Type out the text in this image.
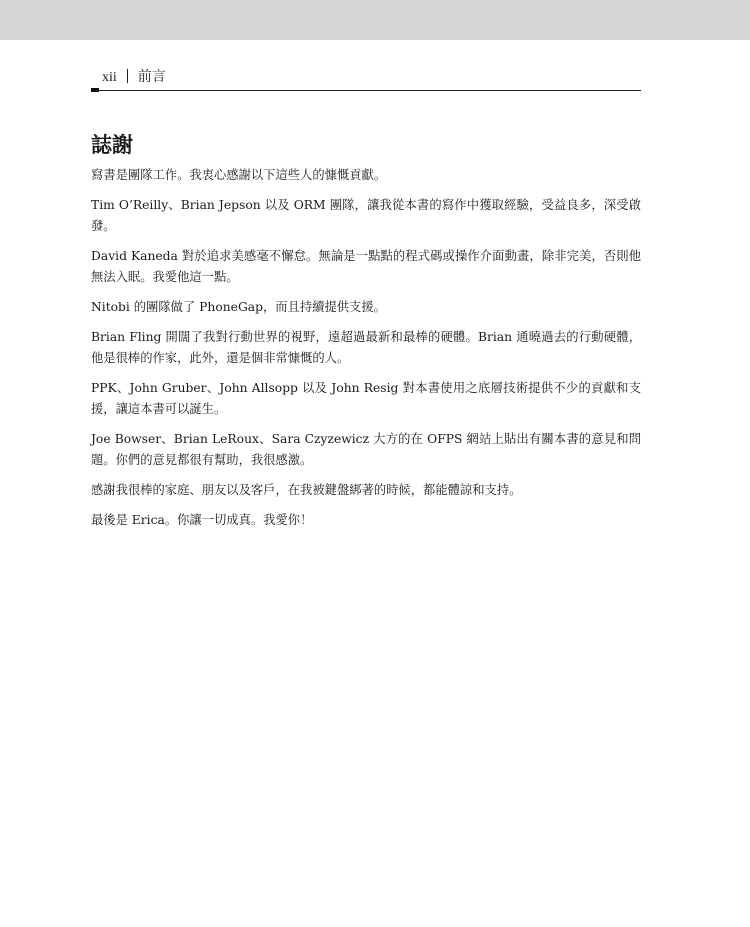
xii 前言
誌謝

寫書是團隊工作。我衷心感謝以下這些人的慷慨貢獻。

Tim O’Reilly、Brian Jepson 以及 ORM 團隊，讓我從本書的寫作中獲取經驗，受益良多，深受啟發。

David Kaneda 對於追求美感毫不懈怠。無論是一點點的程式碼或操作介面動畫，除非完美，否則他無法入眠。我愛他這一點。

Nitobi 的團隊做了 PhoneGap，而且持續提供支援。

Brian Fling 開闊了我對行動世界的視野，遠超過最新和最棒的硬體。Brian 通曉過去的行動硬體，他是很棒的作家，此外，還是個非常慷慨的人。

PPK、John Gruber、John Allsopp 以及 John Resig 對本書使用之底層技術提供不少的貢獻和支援，讓這本書可以誕生。

Joe Bowser、Brian LeRoux、Sara Czyzewicz 大方的在 OFPS 網站上貼出有關本書的意見和問題。你們的意見都很有幫助，我很感激。

感謝我很棒的家庭、朋友以及客戶，在我被鍵盤綁著的時候，都能體諒和支持。

最後是 Erica。你讓一切成真。我愛你！
